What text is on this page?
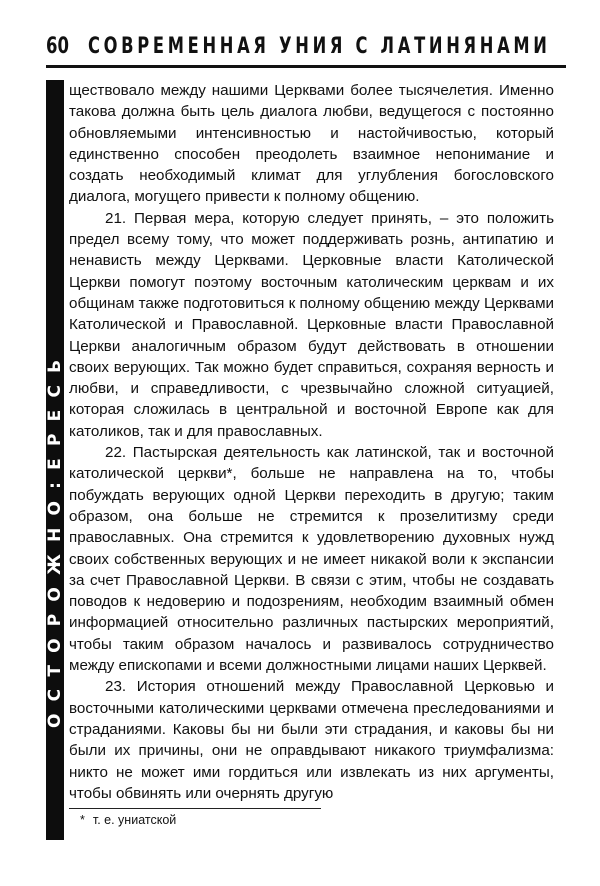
60 СОВРЕМЕННАЯ УНИЯ С ЛАТИНЯНАМИ
ОСТОРОЖНО:ЕРЕСЬ

ществовало между нашими Церквами более тысячелетия. Именно такова должна быть цель диалога любви, ведущегося с постоянно обновляемыми интенсивностью и настойчивостью, который единственно способен преодолеть взаимное непонимание и создать необходимый климат для углубления богословского диалога, могущего привести к полному общению.

21. Первая мера, которую следует принять, – это положить предел всему тому, что может поддерживать рознь, антипатию и ненависть между Церквами. Церковные власти Католической Церкви помогут поэтому восточным католическим церквам и их общинам также подготовиться к полному общению между Церквами Католической и Православной. Церковные власти Православной Церкви аналогичным образом будут действовать в отношении своих верующих. Так можно будет справиться, сохраняя верность и любви, и справедливости, с чрезвычайно сложной ситуацией, которая сложилась в центральной и восточной Европе как для католиков, так и для православных.

22. Пастырская деятельность как латинской, так и восточной католической церкви*, больше не направлена на то, чтобы побуждать верующих одной Церкви переходить в другую; таким образом, она больше не стремится к прозелитизму среди православных. Она стремится к удовлетворению духовных нужд своих собственных верующих и не имеет никакой воли к экспансии за счет Православной Церкви. В связи с этим, чтобы не создавать поводов к недоверию и подозрениям, необходим взаимный обмен информацией относительно различных пастырских мероприятий, чтобы таким образом началось и развивалось сотрудничество между епископами и всеми должностными лицами наших Церквей.

23. История отношений между Православной Церковью и восточными католическими церквами отмечена преследованиями и страданиями. Каковы бы ни были эти страдания, и каковы бы ни были их причины, они не оправдывают никакого триумфализма: никто не может ими гордиться или извлекать из них аргументы, чтобы обвинять или очернять другую

* т. е. униатской
